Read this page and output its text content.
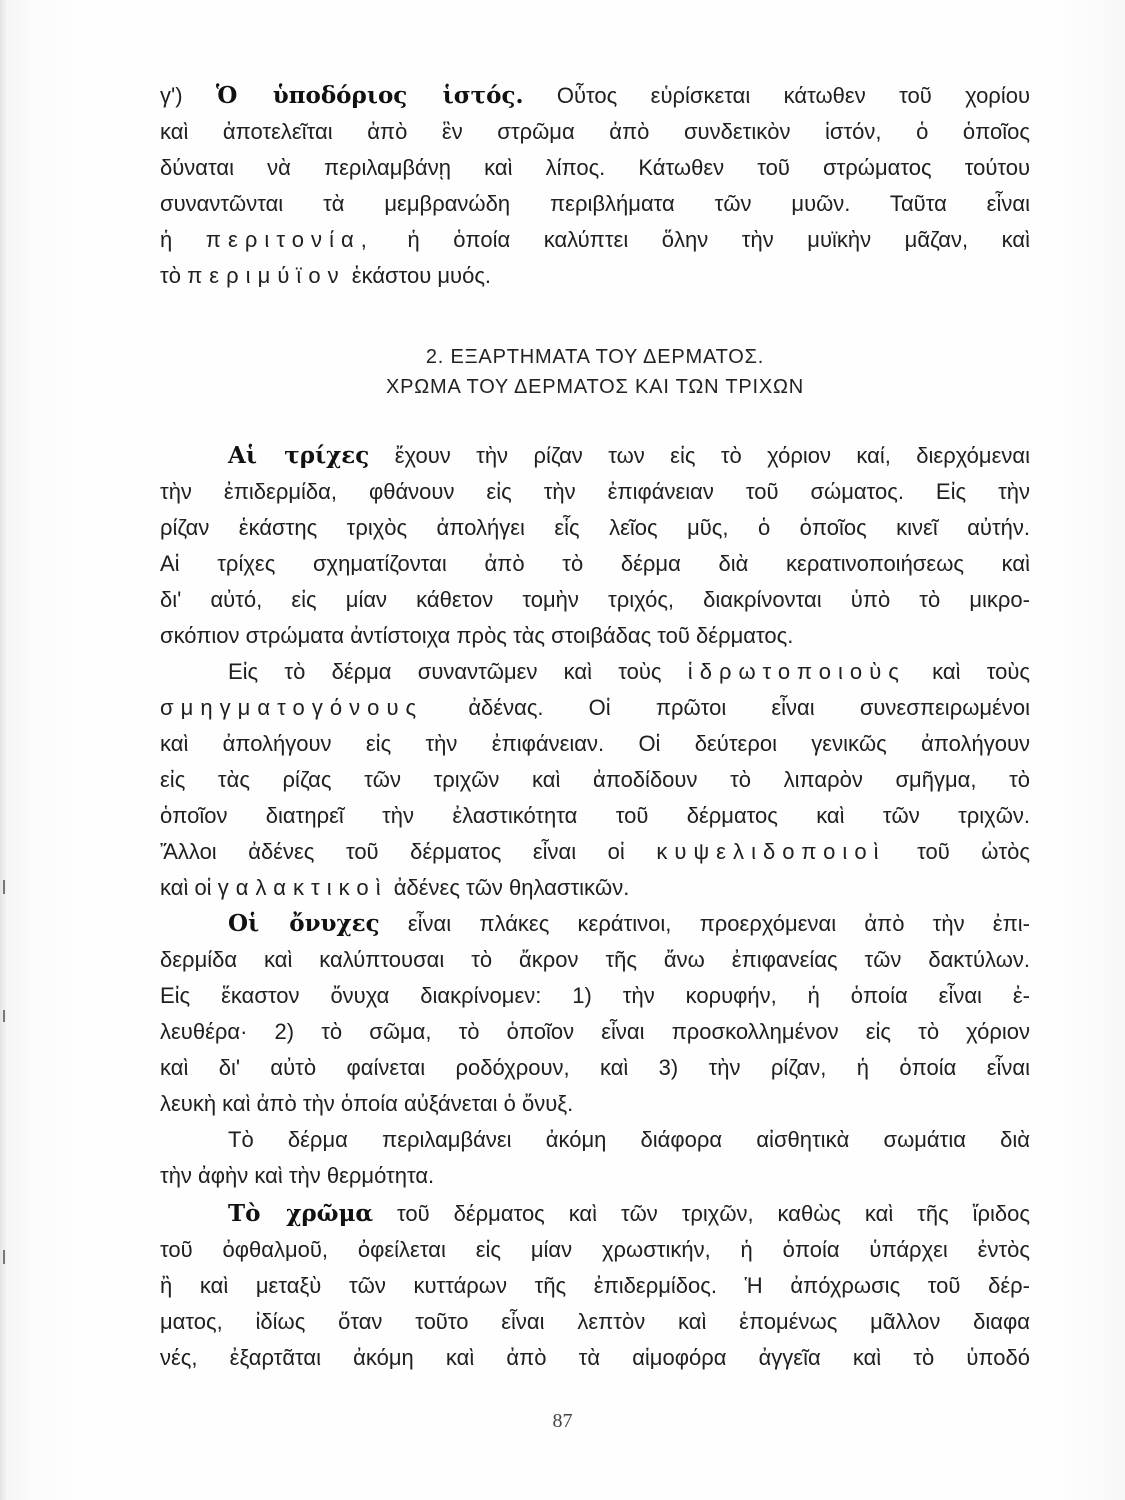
γ') Ὁ ὑποδόριος ἱστός. Οὗτος εὑρίσκεται κάτωθεν τοῦ χορίου
καὶ ἀποτελεῖται ἀπὸ ἓν στρῶμα ἀπὸ συνδετικὸν ἱστόν, ὁ ὁποῖος
δύναται νὰ περιλαμβάνῃ καὶ λίπος. Κάτωθεν τοῦ στρώματος τούτου
συναντῶνται τὰ μεμβρανώδη περιβλήματα τῶν μυῶν. Ταῦτα εἶναι
ἡ περιτονία, ἡ ὁποία καλύπτει ὅλην τὴν μυϊκὴν μᾶζαν, καὶ
τὸ περιμύϊον ἑκάστου μυός.
2. ΕΞΑΡΤΗΜΑΤΑ ΤΟΥ ΔΕΡΜΑΤΟΣ.
ΧΡΩΜΑ ΤΟΥ ΔΕΡΜΑΤΟΣ ΚΑΙ ΤΩΝ ΤΡΙΧΩΝ
Αἱ τρίχες ἔχουν τὴν ρίζαν των εἰς τὸ χόριον καί, διερχόμεναι
τὴν ἐπιδερμίδα, φθάνουν εἰς τὴν ἐπιφάνειαν τοῦ σώματος. Εἰς τὴν
ρίζαν ἑκάστης τριχὸς ἀπολήγει εἷς λεῖος μῦς, ὁ ὁποῖος κινεῖ αὐτήν.
Αἱ τρίχες σχηματίζονται ἀπὸ τὸ δέρμα διὰ κερατινοποιήσεως καὶ
δι' αὐτό, εἰς μίαν κάθετον τομὴν τριχός, διακρίνονται ὑπὸ τὸ μικρο-
σκόπιον στρώματα ἀντίστοιχα πρὸς τὰς στοιβάδας τοῦ δέρματος.
Εἰς τὸ δέρμα συναντῶμεν καὶ τοὺς ἱδρωτοποιοὺς καὶ τοὺς
σμηγματογόνους ἀδένας. Οἱ πρῶτοι εἶναι συνεσπειρωμένοι
καὶ ἀπολήγουν εἰς τὴν ἐπιφάνειαν. Οἱ δεύτεροι γενικῶς ἀπολήγουν
εἰς τὰς ρίζας τῶν τριχῶν καὶ ἀποδίδουν τὸ λιπαρὸν σμῆγμα, τὸ
ὁποῖον διατηρεῖ τὴν ἐλαστικότητα τοῦ δέρματος καὶ τῶν τριχῶν.
Ἄλλοι ἀδένες τοῦ δέρματος εἶναι οἱ κυψελιδοποιοὶ τοῦ ὠτὸς
καὶ οἱ γαλακτικοὶ ἀδένες τῶν θηλαστικῶν.
Οἱ ὄνυχες εἶναι πλάκες κεράτινοι, προερχόμεναι ἀπὸ τὴν ἐπι-
δερμίδα καὶ καλύπτουσαι τὸ ἄκρον τῆς ἄνω ἐπιφανείας τῶν δακτύλων.
Εἰς ἕκαστον ὄνυχα διακρίνομεν: 1) τὴν κορυφήν, ἡ ὁποία εἶναι ἐ-
λευθέρα· 2) τὸ σῶμα, τὸ ὁποῖον εἶναι προσκολλημένον εἰς τὸ χόριον
καὶ δι' αὐτὸ φαίνεται ροδόχρουν, καὶ 3) τὴν ρίζαν, ἡ ὁποία εἶναι
λευκὴ καὶ ἀπὸ τὴν ὁποία αὐξάνεται ὁ ὄνυξ.
Τὸ δέρμα περιλαμβάνει ἀκόμη διάφορα αἰσθητικὰ σωμάτια διὰ
τὴν ἀφὴν καὶ τὴν θερμότητα.
Τὸ χρῶμα τοῦ δέρματος καὶ τῶν τριχῶν, καθὼς καὶ τῆς ἴριδος
τοῦ ὀφθαλμοῦ, ὀφείλεται εἰς μίαν χρωστικήν, ἡ ὁποία ὑπάρχει ἐντὸς
ἢ καὶ μεταξὺ τῶν κυττάρων τῆς ἐπιδερμίδος. Ἡ ἀπόχρωσις τοῦ δέρ-
ματος, ἰδίως ὅταν τοῦτο εἶναι λεπτὸν καὶ ἑπομένως μᾶλλον διαφα
νές, ἐξαρτᾶται ἀκόμη καὶ ἀπὸ τὰ αἱμοφόρα ἀγγεῖα καὶ τὸ ὑποδό
87
